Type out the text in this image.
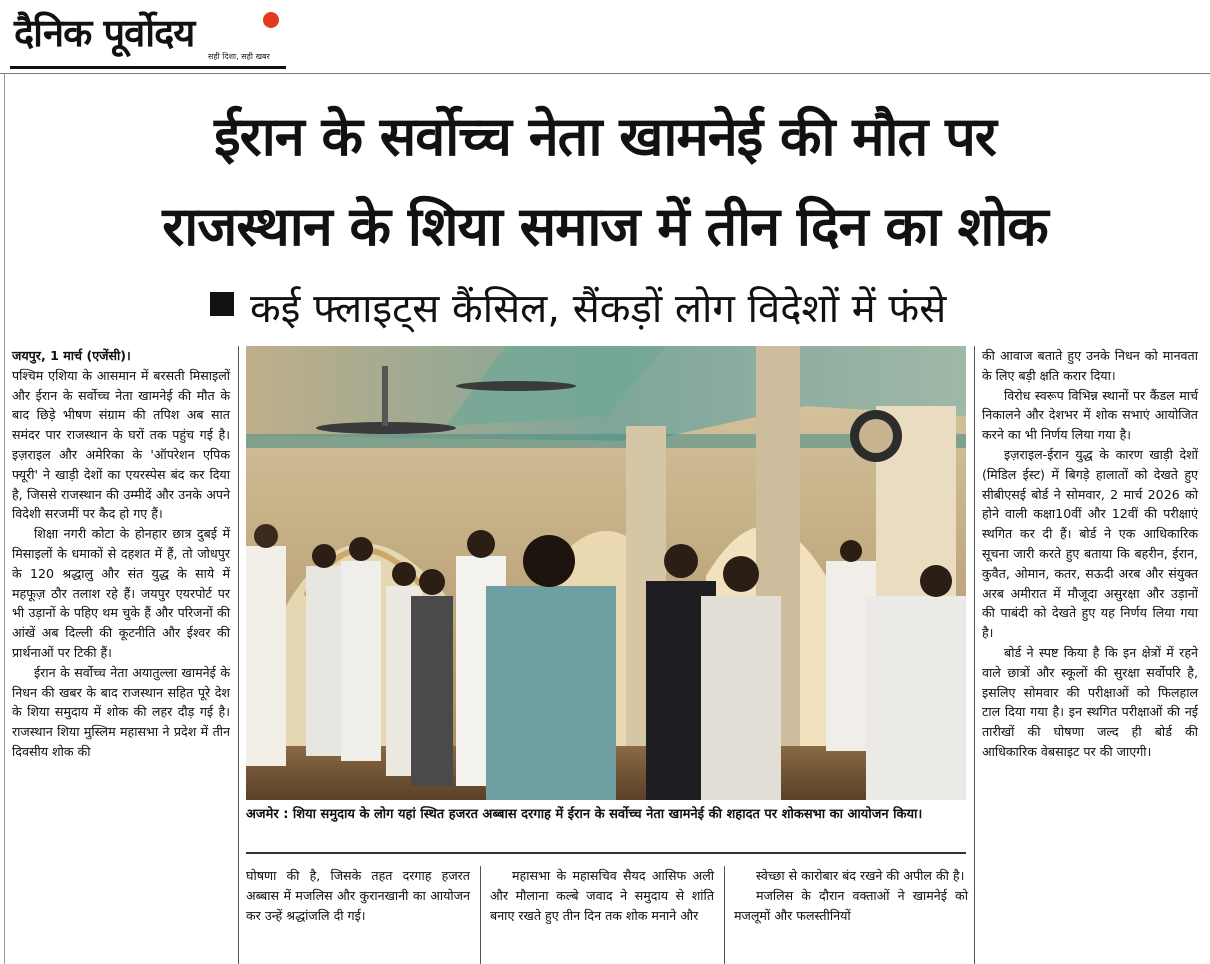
दैनिक पूर्वोदय
सही दिशा, सही खबर
ईरान के सर्वोच्च नेता खामनेई की मौत पर
राजस्थान के शिया समाज में तीन दिन का शोक
कई फ्लाइट्स कैंसिल, सैंकड़ों लोग विदेशों में फंसे

जयपुर, 1 मार्च (एजेंसी)।

पश्चिम एशिया के आसमान में बरसती मिसाइलों और ईरान के सर्वोच्च नेता खामनेई की मौत के बाद छिड़े भीषण संग्राम की तपिश अब सात समंदर पार राजस्थान के घरों तक पहुंच गई है। इज़राइल और अमेरिका के 'ऑपरेशन एपिक फ्यूरी' ने खाड़ी देशों का एयरस्पेस बंद कर दिया है, जिससे राजस्थान की उम्मीदें और उनके अपने विदेशी सरजमीं पर कैद हो गए हैं।

शिक्षा नगरी कोटा के होनहार छात्र दुबई में मिसाइलों के धमाकों से दहशत में हैं, तो जोधपुर के 120 श्रद्धालु और संत युद्ध के साये में महफूज़ ठौर तलाश रहे हैं। जयपुर एयरपोर्ट पर भी उड़ानों के पहिए थम चुके हैं और परिजनों की आंखें अब दिल्ली की कूटनीति और ईश्वर की प्रार्थनाओं पर टिकी हैं।

ईरान के सर्वोच्च नेता अयातुल्ला खामनेई के निधन की खबर के बाद राजस्थान सहित पूरे देश के शिया समुदाय में शोक की लहर दौड़ गई है। राजस्थान शिया मुस्लिम महासभा ने प्रदेश में तीन दिवसीय शोक की

अजमेर : शिया समुदाय के लोग यहां स्थित हजरत अब्बास दरगाह में ईरान के सर्वोच्च नेता खामनेई की शहादत पर शोकसभा का आयोजन किया।

घोषणा की है, जिसके तहत दरगाह हजरत अब्बास में मजलिस और कुरानखानी का आयोजन कर उन्हें श्रद्धांजलि दी गई।

महासभा के महासचिव सैयद आसिफ अली और मौलाना कल्बे जवाद ने समुदाय से शांति बनाए रखते हुए तीन दिन तक शोक मनाने और

स्वेच्छा से कारोबार बंद रखने की अपील की है।

मजलिस के दौरान वक्ताओं ने खामनेई को मजलूमों और फलस्तीनियों

की आवाज बताते हुए उनके निधन को मानवता के लिए बड़ी क्षति करार दिया।

विरोध स्वरूप विभिन्न स्थानों पर कैंडल मार्च निकालने और देशभर में शोक सभाएं आयोजित करने का भी निर्णय लिया गया है।

इज़राइल-ईरान युद्ध के कारण खाड़ी देशों (मिडिल ईस्ट) में बिगड़े हालातों को देखते हुए सीबीएसई बोर्ड ने सोमवार, 2 मार्च 2026 को होने वाली कक्षा10वीं और 12वीं की परीक्षाएं स्थगित कर दी हैं। बोर्ड ने एक आधिकारिक सूचना जारी करते हुए बताया कि बहरीन, ईरान, कुवैत, ओमान, कतर, सऊदी अरब और संयुक्त अरब अमीरात में मौजूदा असुरक्षा और उड़ानों की पाबंदी को देखते हुए यह निर्णय लिया गया है।

बोर्ड ने स्पष्ट किया है कि इन क्षेत्रों में रहने वाले छात्रों और स्कूलों की सुरक्षा सर्वोपरि है, इसलिए सोमवार की परीक्षाओं को फिलहाल टाल दिया गया है। इन स्थगित परीक्षाओं की नई तारीखों की घोषणा जल्द ही बोर्ड की आधिकारिक वेबसाइट पर की जाएगी।
